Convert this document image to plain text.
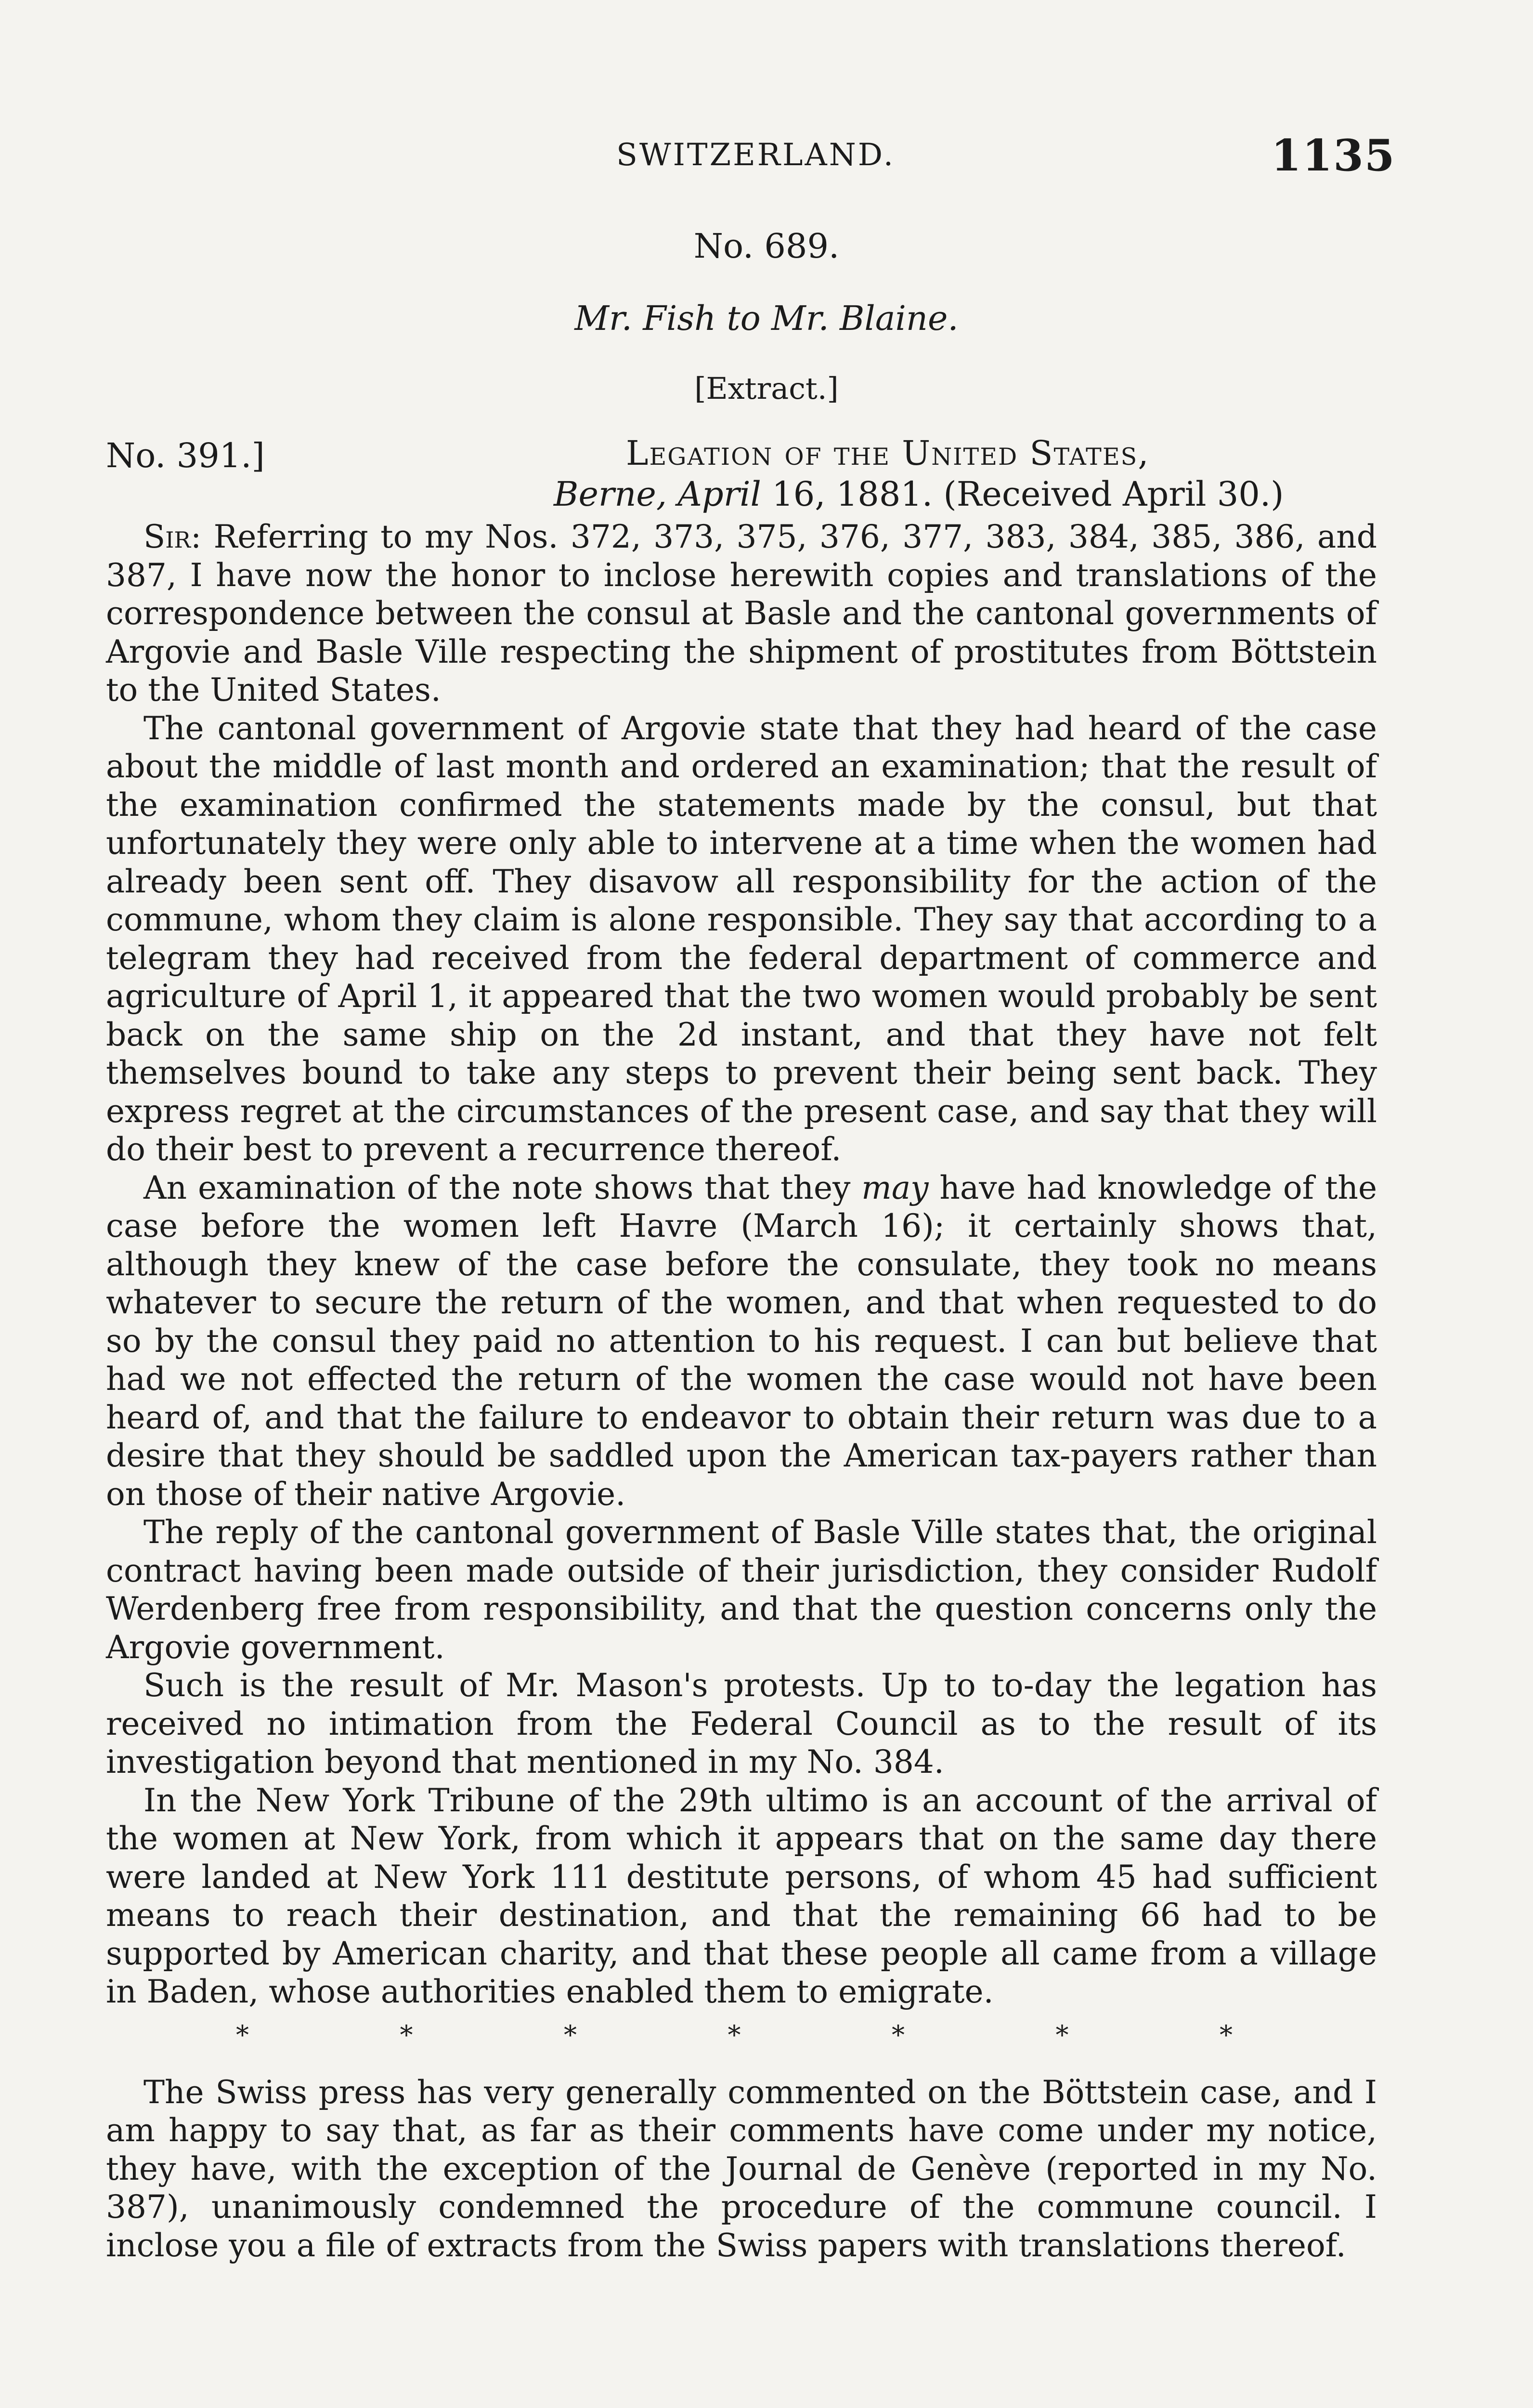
SWITZERLAND.	1135
No. 689.
Mr. Fish to Mr. Blaine.
[Extract.]
No. 391.]	Legation of the United States,
Berne, April 16, 1881. (Received April 30.)

Sir: Referring to my Nos. 372, 373, 375, 376, 377, 383, 384, 385, 386, and 387, I have now the honor to inclose herewith copies and translations of the correspondence between the consul at Basle and the cantonal governments of Argovie and Basle Ville respecting the shipment of prostitutes from Böttstein to the United States.

The cantonal government of Argovie state that they had heard of the case about the middle of last month and ordered an examination; that the result of the examination confirmed the statements made by the consul, but that unfortunately they were only able to intervene at a time when the women had already been sent off. They disavow all responsibility for the action of the commune, whom they claim is alone responsible. They say that according to a telegram they had received from the federal department of commerce and agriculture of April 1, it appeared that the two women would probably be sent back on the same ship on the 2d instant, and that they have not felt themselves bound to take any steps to prevent their being sent back. They express regret at the circumstances of the present case, and say that they will do their best to prevent a recurrence thereof.

An examination of the note shows that they may have had knowledge of the case before the women left Havre (March 16); it certainly shows that, although they knew of the case before the consulate, they took no means whatever to secure the return of the women, and that when requested to do so by the consul they paid no attention to his request. I can but believe that had we not effected the return of the women the case would not have been heard of, and that the failure to endeavor to obtain their return was due to a desire that they should be saddled upon the American tax-payers rather than on those of their native Argovie.

The reply of the cantonal government of Basle Ville states that, the original contract having been made outside of their jurisdiction, they consider Rudolf Werdenberg free from responsibility, and that the question concerns only the Argovie government.

Such is the result of Mr. Mason's protests. Up to to-day the legation has received no intimation from the Federal Council as to the result of its investigation beyond that mentioned in my No. 384.

In the New York Tribune of the 29th ultimo is an account of the arrival of the women at New York, from which it appears that on the same day there were landed at New York 111 destitute persons, of whom 45 had sufficient means to reach their destination, and that the remaining 66 had to be supported by American charity, and that these people all came from a village in Baden, whose authorities enabled them to emigrate.

*	*	*	*	*	*	*

The Swiss press has very generally commented on the Böttstein case, and I am happy to say that, as far as their comments have come under my notice, they have, with the exception of the Journal de Genève (reported in my No. 387), unanimously condemned the procedure of the commune council. I inclose you a file of extracts from the Swiss papers with translations thereof.
